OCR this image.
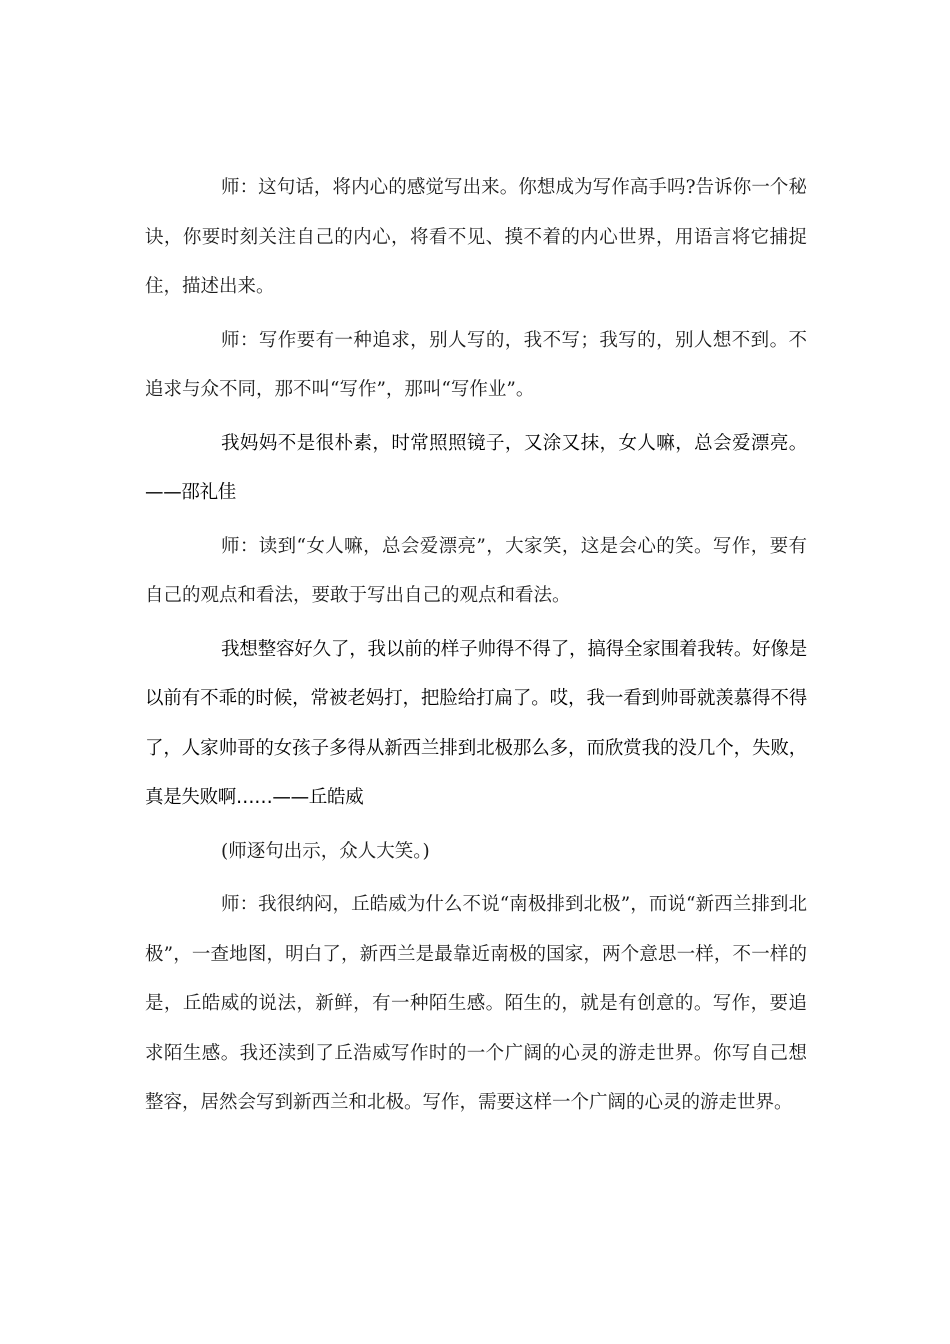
师：这句话，将内心的感觉写出来。你想成为写作高手吗?告诉你一个秘诀，你要时刻关注自己的内心，将看不见、摸不着的内心世界，用语言将它捕捉住，描述出来。

师：写作要有一种追求，别人写的，我不写；我写的，别人想不到。不追求与众不同，那不叫“写作”，那叫“写作业”。

我妈妈不是很朴素，时常照照镜子，又涂又抹，女人嘛，总会爱漂亮。——邵礼佳

师：读到“女人嘛，总会爱漂亮”，大家笑，这是会心的笑。写作，要有自己的观点和看法，要敢于写出自己的观点和看法。

我想整容好久了，我以前的样子帅得不得了，搞得全家围着我转。好像是以前有不乖的时候，常被老妈打，把脸给打扁了。哎，我一看到帅哥就羡慕得不得了，人家帅哥的女孩子多得从新西兰排到北极那么多，而欣赏我的没几个，失败，真是失败啊……——丘皓威

(师逐句出示，众人大笑。)

师：我很纳闷，丘皓威为什么不说“南极排到北极”，而说“新西兰排到北极”，一查地图，明白了，新西兰是最靠近南极的国家，两个意思一样，不一样的是，丘皓威的说法，新鲜，有一种陌生感。陌生的，就是有创意的。写作，要追求陌生感。我还渎到了丘浩威写作时的一个广阔的心灵的游走世界。你写自己想整容，居然会写到新西兰和北极。写作，需要这样一个广阔的心灵的游走世界。
